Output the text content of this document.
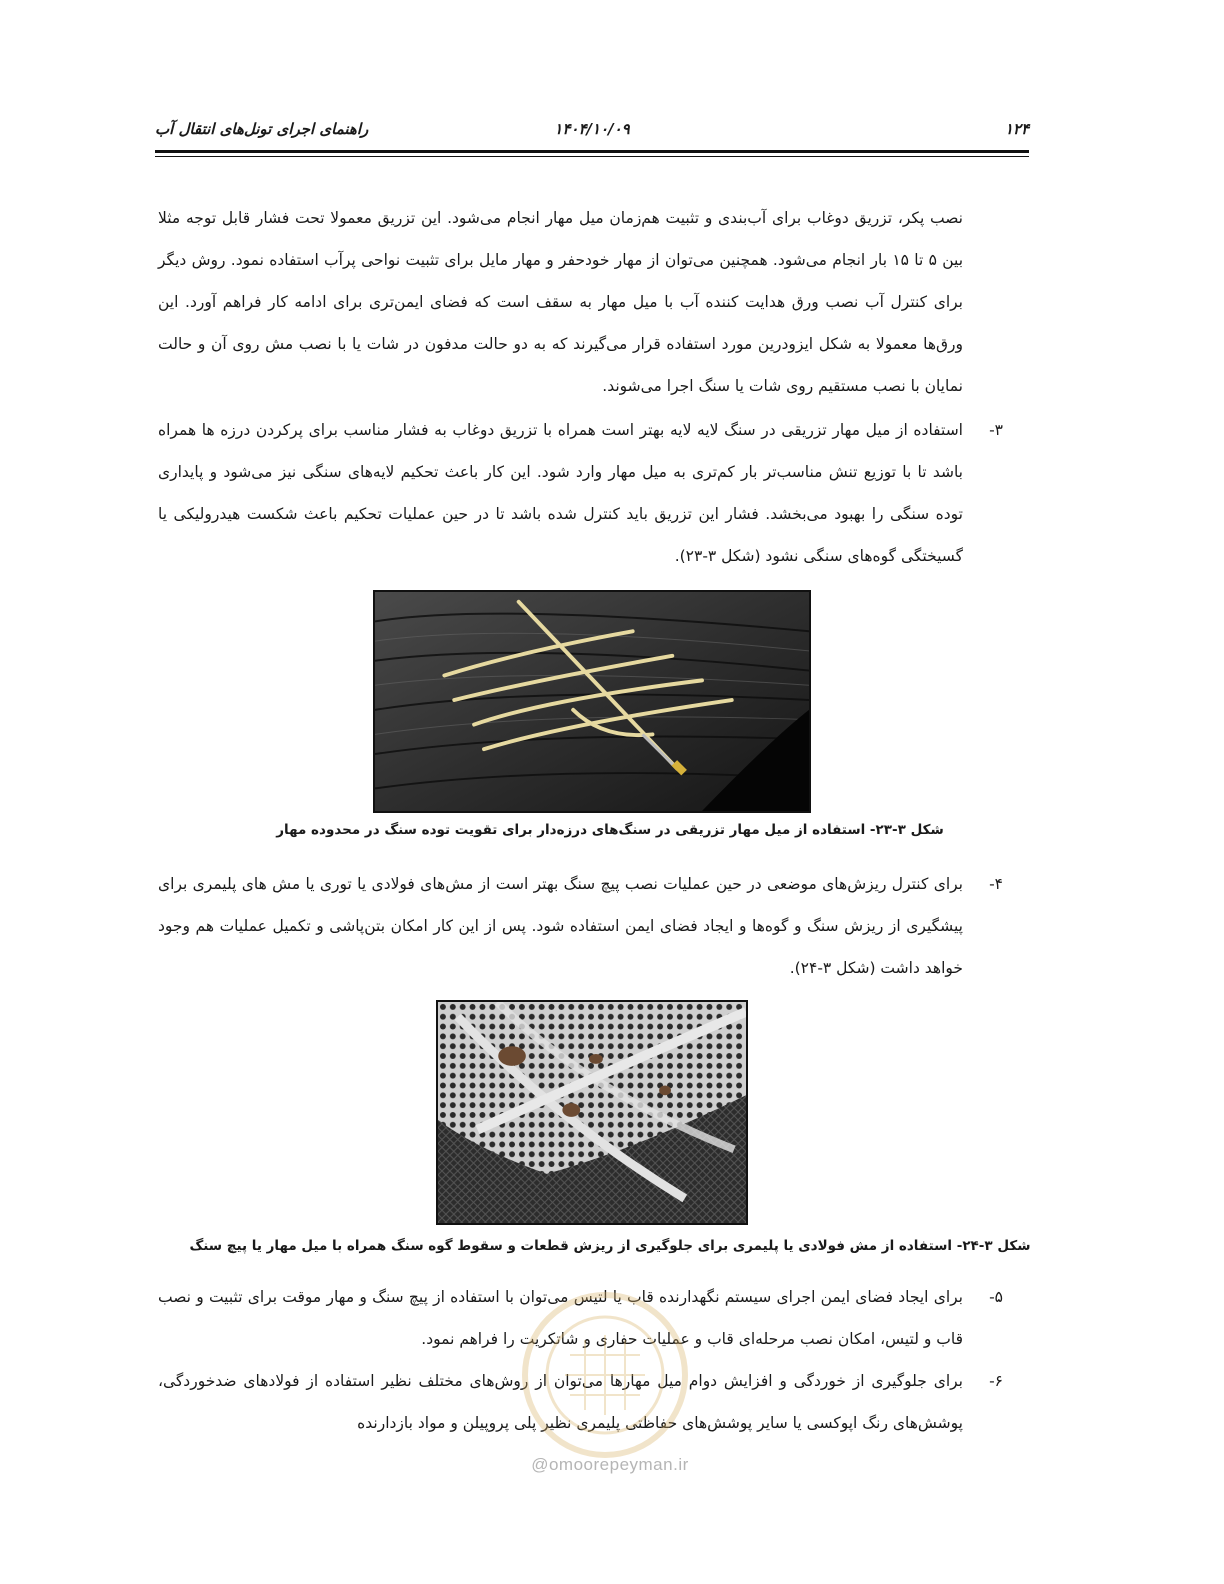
۱۲۴
۱۴۰۴/۱۰/۰۹
راهنمای اجرای تونل‌های انتقال آب
نصب پکر، تزریق دوغاب برای آب‌بندی و تثبیت هم‌زمان میل مهار انجام می‌شود. این تزریق معمولا تحت فشار قابل توجه مثلا بین ۵ تا ۱۵ بار انجام می‌شود. همچنین می‌توان از مهار خودحفر و مهار مایل برای تثبیت نواحی پرآب استفاده نمود. روش دیگر برای کنترل آب نصب ورق هدایت کننده آب با میل مهار به سقف است که فضای ایمن‌تری برای ادامه کار فراهم آورد. این ورق‌ها معمولا به شکل ایزودرین مورد استفاده قرار می‌گیرند که به دو حالت مدفون در شات یا با نصب مش روی آن و حالت نمایان با نصب مستقیم روی شات یا سنگ اجرا می‌شوند.
۳-
استفاده از میل مهار تزریقی در سنگ لایه لایه بهتر است همراه با تزریق دوغاب به فشار مناسب برای پرکردن درزه ها همراه باشد تا با توزیع تنش مناسب‌تر بار کم‌تری به میل مهار وارد شود. این کار باعث تحکیم لایه‌های سنگی نیز می‌شود و پایداری توده سنگی را بهبود می‌بخشد. فشار این تزریق باید کنترل شده باشد تا در حین عملیات تحکیم باعث شکست هیدرولیکی یا گسیختگی گوه‌های سنگی نشود (شکل ۳-۲۳).
شکل ۳-۲۳- استفاده از میل مهار تزریقی در سنگ‌های درزه‌دار برای تقویت توده سنگ در محدوده مهار
۴-
برای کنترل ریزش‌های موضعی در حین عملیات نصب پیچ سنگ بهتر است از مش‌های فولادی یا توری یا مش های پلیمری برای پیشگیری از ریزش سنگ و گوه‌ها و ایجاد فضای ایمن استفاده شود. پس از این کار امکان بتن‌پاشی و تکمیل عملیات هم وجود خواهد داشت (شکل ۳-۲۴).
شکل ۳-۲۴- استفاده از مش فولادی یا پلیمری برای جلوگیری از ریزش قطعات و سقوط گوه سنگ همراه با میل مهار یا پیچ سنگ
۵-
برای ایجاد فضای ایمن اجرای سیستم نگهدارنده قاب یا لتیس می‌توان با استفاده از پیچ سنگ و مهار موقت برای تثبیت و نصب قاب و لتیس، امکان نصب مرحله‌ای قاب و عملیات حفاری و شاتکریت را فراهم نمود.
۶-
برای جلوگیری از خوردگی و افزایش دوام میل مهارها می‌توان از روش‌های مختلف نظیر استفاده از فولادهای ضدخوردگی، پوشش‌های رنگ اپوکسی یا سایر پوشش‌های حفاظتی پلیمری نظیر پلی پروپیلن و مواد بازدارنده
@omoorepeyman.ir
